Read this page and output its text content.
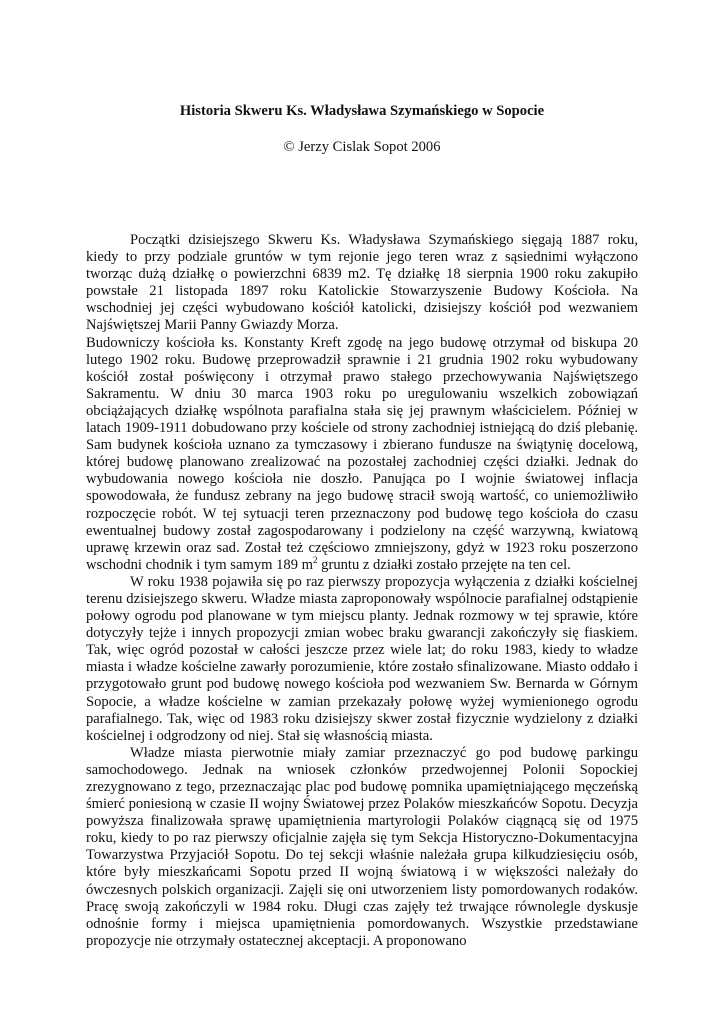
Historia Skweru Ks. Władysława Szymańskiego w Sopocie
© Jerzy Cislak Sopot 2006

Początki dzisiejszego Skweru Ks. Władysława Szymańskiego sięgają 1887 roku, kiedy to przy podziale gruntów w tym rejonie jego teren wraz z sąsiednimi wyłączono tworząc dużą działkę o powierzchni 6839 m2. Tę działkę 18 sierpnia 1900 roku zakupiło powstałe 21 listopada 1897 roku Katolickie Stowarzyszenie Budowy Kościoła. Na wschodniej jej części wybudowano kościół katolicki, dzisiejszy kościół pod wezwaniem Najświętszej Marii Panny Gwiazdy Morza.

Budowniczy kościoła ks. Konstanty Kreft zgodę na jego budowę otrzymał od biskupa 20 lutego 1902 roku. Budowę przeprowadził sprawnie i 21 grudnia 1902 roku wybudowany kościół został poświęcony i otrzymał prawo stałego przechowywania Najświętszego Sakramentu. W dniu 30 marca 1903 roku po uregulowaniu wszelkich zobowiązań obciążających działkę wspólnota parafialna stała się jej prawnym właścicielem. Później w latach 1909-1911 dobudowano przy kościele od strony zachodniej istniejącą do dziś plebanię. Sam budynek kościoła uznano za tymczasowy i zbierano fundusze na świątynię docelową, której budowę planowano zrealizować na pozostałej zachodniej części działki. Jednak do wybudowania nowego kościoła nie doszło. Panująca po I wojnie światowej inflacja spowodowała, że fundusz zebrany na jego budowę stracił swoją wartość, co uniemożliwiło rozpoczęcie robót. W tej sytuacji teren przeznaczony pod budowę tego kościoła do czasu ewentualnej budowy został zagospodarowany i podzielony na część warzywną, kwiatową uprawę krzewin oraz sad. Został też częściowo zmniejszony, gdyż w 1923 roku poszerzono wschodni chodnik i tym samym 189 $m^2$ gruntu z działki zostało przejęte na ten cel.

W roku 1938 pojawiła się po raz pierwszy propozycja wyłączenia z działki kościelnej terenu dzisiejszego skweru. Władze miasta zaproponowały wspólnocie parafialnej odstąpienie połowy ogrodu pod planowane w tym miejscu planty. Jednak rozmowy w tej sprawie, które dotyczyły tejże i innych propozycji zmian wobec braku gwarancji zakończyły się fiaskiem. Tak, więc ogród pozostał w całości jeszcze przez wiele lat; do roku 1983, kiedy to władze miasta i władze kościelne zawarły porozumienie, które zostało sfinalizowane. Miasto oddało i przygotowało grunt pod budowę nowego kościoła pod wezwaniem Sw. Bernarda w Górnym Sopocie, a władze kościelne w zamian przekazały połowę wyżej wymienionego ogrodu parafialnego. Tak, więc od 1983 roku dzisiejszy skwer został fizycznie wydzielony z działki kościelnej i odgrodzony od niej. Stał się własnością miasta.

Władze miasta pierwotnie miały zamiar przeznaczyć go pod budowę parkingu samochodowego. Jednak na wniosek członków przedwojennej Polonii Sopockiej zrezygnowano z tego, przeznaczając plac pod budowę pomnika upamiętniającego męczeńską śmierć poniesioną w czasie II wojny Światowej przez Polaków mieszkańców Sopotu. Decyzja powyższa finalizowała sprawę upamiętnienia martyrologii Polaków ciągnącą się od 1975 roku, kiedy to po raz pierwszy oficjalnie zajęła się tym Sekcja Historyczno-Dokumentacyjna Towarzystwa Przyjaciół Sopotu. Do tej sekcji właśnie należała grupa kilkudziesięciu osób, które były mieszkańcami Sopotu przed II wojną światową i w większości należały do ówczesnych polskich organizacji. Zajęli się oni utworzeniem listy pomordowanych rodaków. Pracę swoją zakończyli w 1984 roku. Długi czas zajęły też trwające równolegle dyskusje odnośnie formy i miejsca upamiętnienia pomordowanych. Wszystkie przedstawiane propozycje nie otrzymały ostatecznej akceptacji. A proponowano
